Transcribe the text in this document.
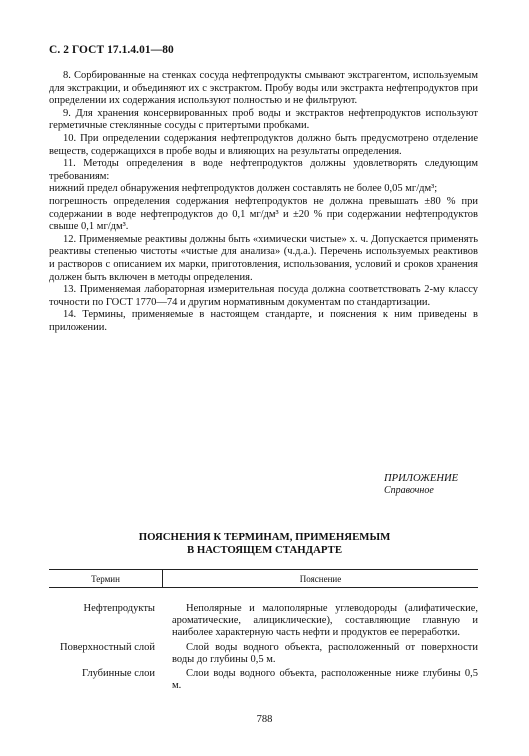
С. 2 ГОСТ 17.1.4.01—80

8. Сорбированные на стенках сосуда нефтепродукты смывают экстрагентом, используемым для экстракции, и объединяют их с экстрактом. Пробу воды или экстракта нефтепродуктов при определении их содержания используют полностью и не фильтруют.

9. Для хранения консервированных проб воды и экстрактов нефтепродуктов используют герметичные стеклянные сосуды с притертыми пробками.

10. При определении содержания нефтепродуктов должно быть предусмотрено отделение веществ, содержащихся в пробе воды и влияющих на результаты определения.

11. Методы определения в воде нефтепродуктов должны удовлетворять следующим требованиям:

нижний предел обнаружения нефтепродуктов должен составлять не более 0,05 мг/дм³;

погрешность определения содержания нефтепродуктов не должна превышать ±80 % при содержании в воде нефтепродуктов до 0,1 мг/дм³ и ±20 % при содержании нефтепродуктов свыше 0,1 мг/дм³.

12. Применяемые реактивы должны быть «химически чистые» х. ч. Допускается применять реактивы степенью чистоты «чистые для анализа» (ч.д.а.). Перечень используемых реактивов и растворов с описанием их марки, приготовления, использования, условий и сроков хранения должен быть включен в методы определения.

13. Применяемая лабораторная измерительная посуда должна соответствовать 2-му классу точности по ГОСТ 1770—74 и другим нормативным документам по стандартизации.

14. Термины, применяемые в настоящем стандарте, и пояснения к ним приведены в приложении.

ПРИЛОЖЕНИЕ
Справочное
ПОЯСНЕНИЯ К ТЕРМИНАМ, ПРИМЕНЯЕМЫМ
В НАСТОЯЩЕМ СТАНДАРТЕ
Термин	Пояснение
Нефтепродукты	Неполярные и малополярные углеводороды (алифатические, ароматические, алициклические), составляющие главную и наиболее характерную часть нефти и продуктов ее переработки.
Поверхностный слой	Слой воды водного объекта, расположенный от поверхности воды до глубины 0,5 м.
Глубинные слои	Слои воды водного объекта, расположенные ниже глубины 0,5 м.
788
